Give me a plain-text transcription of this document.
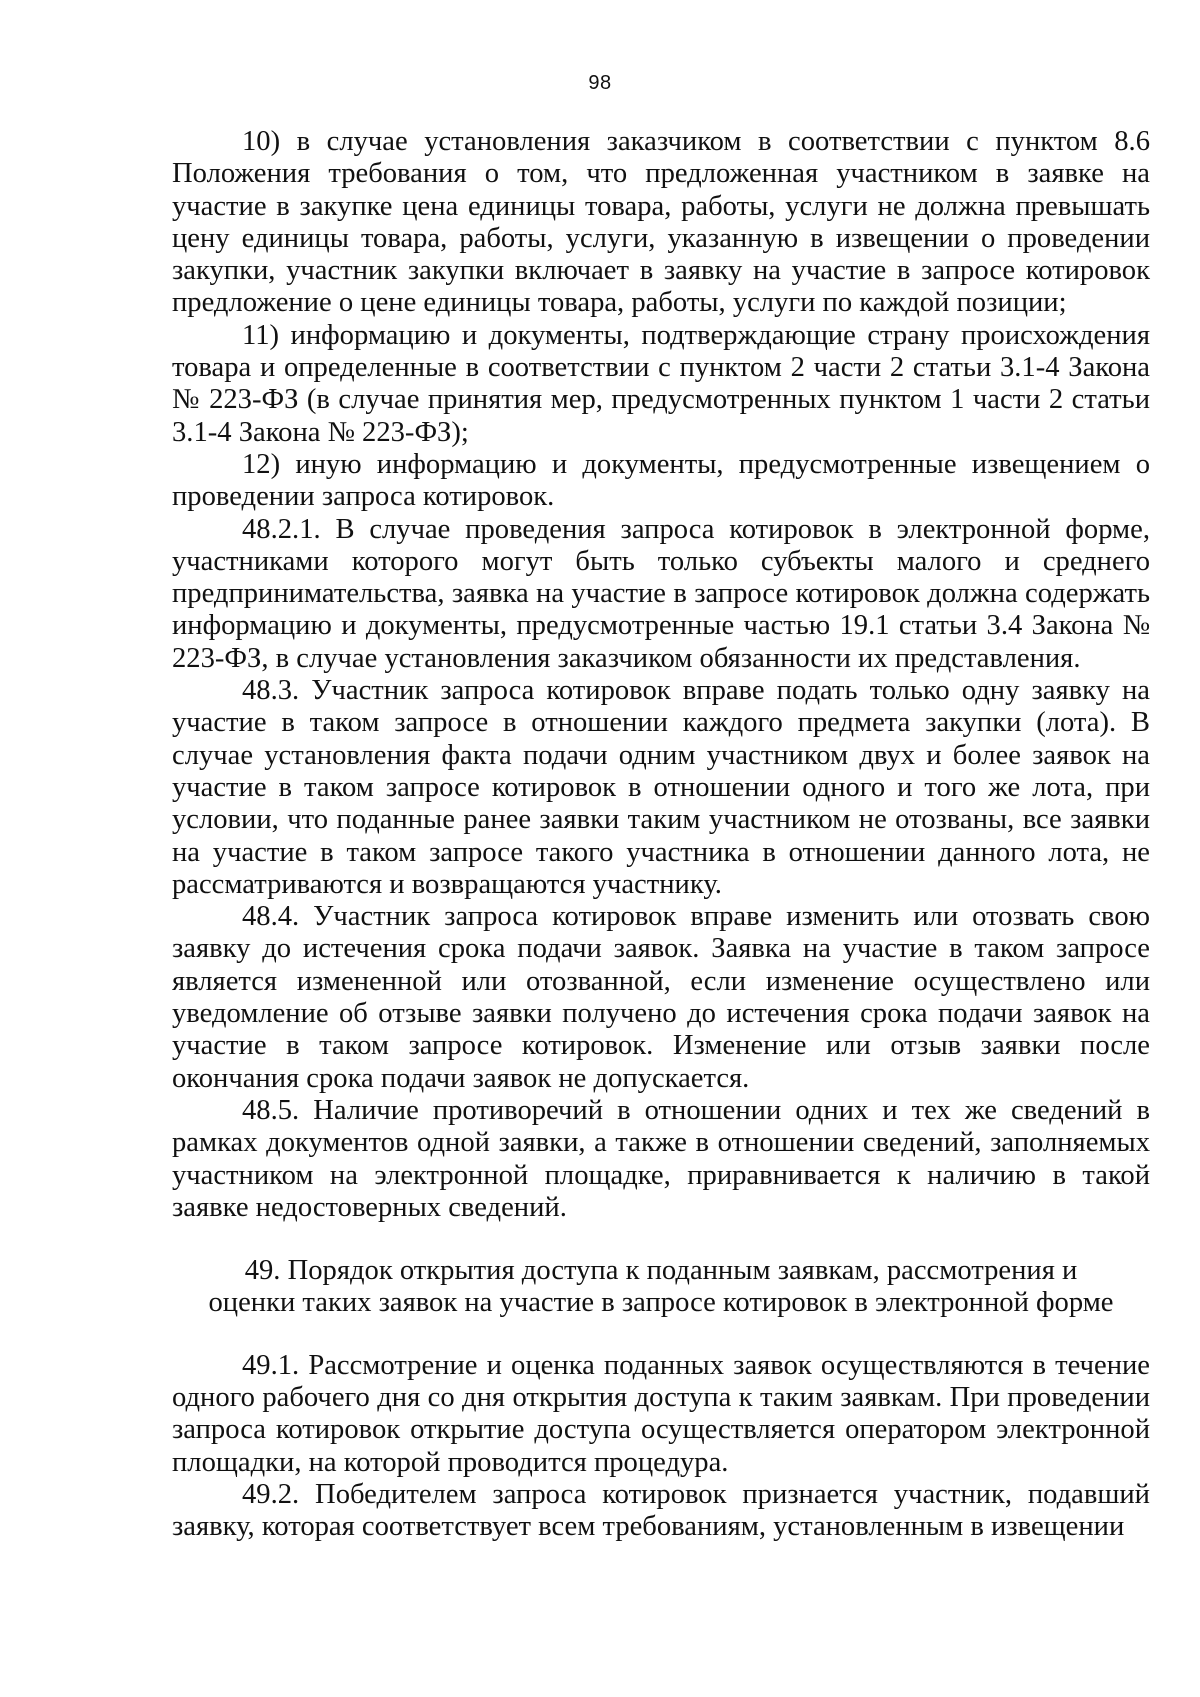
98

10) в случае установления заказчиком в соответствии с пунктом 8.6 Положения требования о том, что предложенная участником в заявке на участие в закупке цена единицы товара, работы, услуги не должна превышать цену единицы товара, работы, услуги, указанную в извещении о проведении закупки, участник закупки включает в заявку на участие в запросе котировок предложение о цене единицы товара, работы, услуги по каждой позиции;

11) информацию и документы, подтверждающие страну происхождения товара и определенные в соответствии с пунктом 2 части 2 статьи 3.1-4 Закона № 223-ФЗ (в случае принятия мер, предусмотренных пунктом 1 части 2 статьи 3.1-4 Закона № 223-ФЗ);

12) иную информацию и документы, предусмотренные извещением о проведении запроса котировок.

48.2.1. В случае проведения запроса котировок в электронной форме, участниками которого могут быть только субъекты малого и среднего предпринимательства, заявка на участие в запросе котировок должна содержать информацию и документы, предусмотренные частью 19.1 статьи 3.4 Закона № 223-ФЗ, в случае установления заказчиком обязанности их представления.

48.3. Участник запроса котировок вправе подать только одну заявку на участие в таком запросе в отношении каждого предмета закупки (лота). В случае установления факта подачи одним участником двух и более заявок на участие в таком запросе котировок в отношении одного и того же лота, при условии, что поданные ранее заявки таким участником не отозваны, все заявки на участие в таком запросе такого участника в отношении данного лота, не рассматриваются и возвращаются участнику.

48.4. Участник запроса котировок вправе изменить или отозвать свою заявку до истечения срока подачи заявок. Заявка на участие в таком запросе является измененной или отозванной, если изменение осуществлено или уведомление об отзыве заявки получено до истечения срока подачи заявок на участие в таком запросе котировок. Изменение или отзыв заявки после окончания срока подачи заявок не допускается.

48.5. Наличие противоречий в отношении одних и тех же сведений в рамках документов одной заявки, а также в отношении сведений, заполняемых участником на электронной площадке, приравнивается к наличию в такой заявке недостоверных сведений.

49. Порядок открытия доступа к поданным заявкам, рассмотрения и оценки таких заявок на участие в запросе котировок в электронной форме

49.1. Рассмотрение и оценка поданных заявок осуществляются в течение одного рабочего дня со дня открытия доступа к таким заявкам. При проведении запроса котировок открытие доступа осуществляется оператором электронной площадки, на которой проводится процедура.

49.2. Победителем запроса котировок признается участник, подавший заявку, которая соответствует всем требованиям, установленным в извещении
